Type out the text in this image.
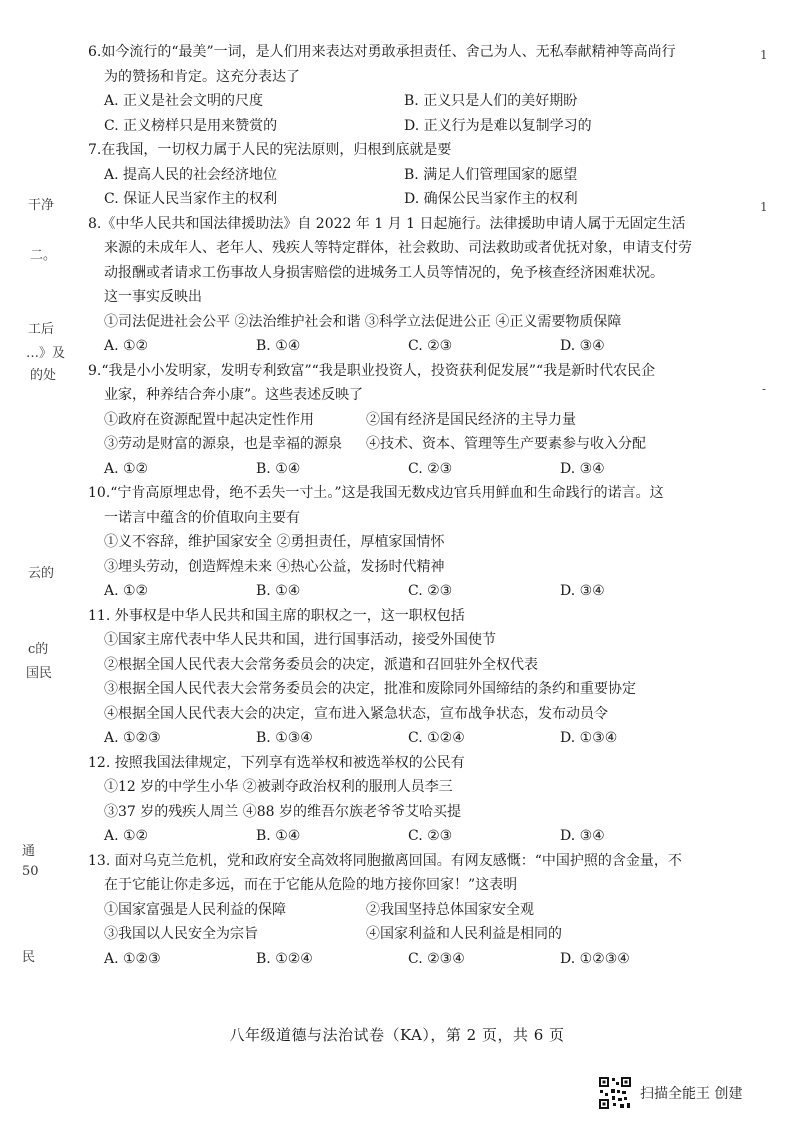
干净
二。
工后
…》及
的处
云的
c的
国民
通
50
民
1
1
-
6.如今流行的“最美”一词，是人们用来表达对勇敢承担责任、舍己为人、无私奉献精神等高尚行
为的赞扬和肯定。这充分表达了
A. 正义是社会文明的尺度	B. 正义只是人们的美好期盼
C. 正义榜样只是用来赞赏的	D. 正义行为是难以复制学习的
7.在我国，一切权力属于人民的宪法原则，归根到底就是要
A. 提高人民的社会经济地位	B. 满足人们管理国家的愿望
C. 保证人民当家作主的权利	D. 确保公民当家作主的权利
8.《中华人民共和国法律援助法》自 2022 年 1 月 1 日起施行。法律援助申请人属于无固定生活
来源的未成年人、老年人、残疾人等特定群体，社会救助、司法救助或者优抚对象，申请支付劳
动报酬或者请求工伤事故人身损害赔偿的进城务工人员等情况的，免予核查经济困难状况。
这一事实反映出
①司法促进社会公平 ②法治维护社会和谐 ③科学立法促进公正 ④正义需要物质保障
A. ①②	B. ①④	C. ②③	D. ③④
9.“我是小小发明家，发明专利致富”“我是职业投资人，投资获利促发展”“我是新时代农民企
业家，种养结合奔小康”。这些表述反映了
①政府在资源配置中起决定性作用	②国有经济是国民经济的主导力量
③劳动是财富的源泉，也是幸福的源泉	④技术、资本、管理等生产要素参与收入分配
A. ①②	B. ①④	C. ②③	D. ③④
10.“宁肯高原埋忠骨，绝不丢失一寸土。”这是我国无数戍边官兵用鲜血和生命践行的诺言。这
一诺言中蕴含的价值取向主要有
①义不容辞，维护国家安全 ②勇担责任，厚植家国情怀
③埋头劳动，创造辉煌未来 ④热心公益，发扬时代精神
A. ①②	B. ①④	C. ②③	D. ③④
11. 外事权是中华人民共和国主席的职权之一，这一职权包括
①国家主席代表中华人民共和国，进行国事活动，接受外国使节
②根据全国人民代表大会常务委员会的决定，派遣和召回驻外全权代表
③根据全国人民代表大会常务委员会的决定，批准和废除同外国缔结的条约和重要协定
④根据全国人民代表大会的决定，宣布进入紧急状态，宣布战争状态，发布动员令
A. ①②③	B. ①③④	C. ①②④	D. ①③④
12. 按照我国法律规定，下列享有选举权和被选举权的公民有
①12 岁的中学生小华 ②被剥夺政治权利的服刑人员李三
③37 岁的残疾人周兰 ④88 岁的维吾尔族老爷爷艾哈买提
A. ①②	B. ①④	C. ②③	D. ③④
13. 面对乌克兰危机，党和政府安全高效将同胞撤离回国。有网友感慨：“中国护照的含金量，不
在于它能让你走多远，而在于它能从危险的地方接你回家！”这表明
①国家富强是人民利益的保障	②我国坚持总体国家安全观
③我国以人民安全为宗旨	④国家利益和人民利益是相同的
A. ①②③	B. ①②④	C. ②③④	D. ①②③④
八年级道德与法治试卷（KA），第 2 页，共 6 页
扫描全能王 创建
